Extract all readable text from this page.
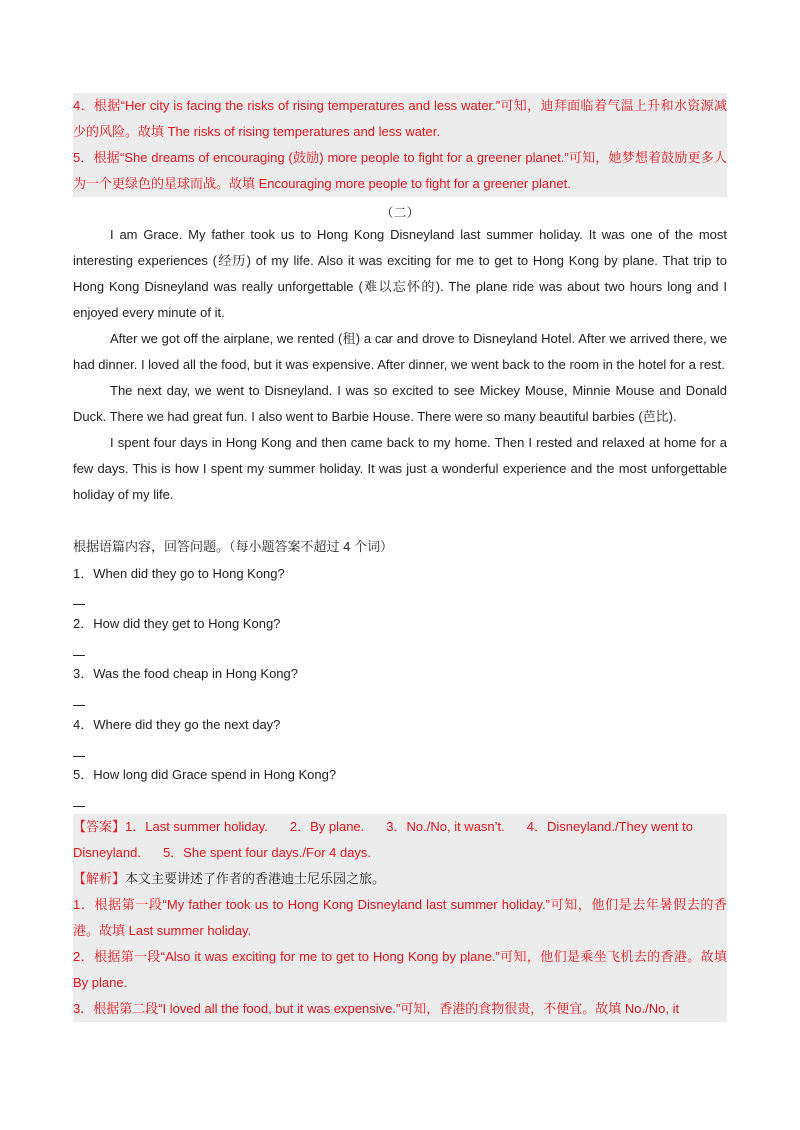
4．根据“Her city is facing the risks of rising temperatures and less water.”可知，迪拜面临着气温上升和水资源减少的风险。故填 The risks of rising temperatures and less water.

5．根据“She dreams of encouraging (鼓励) more people to fight for a greener planet.”可知，她梦想着鼓励更多人为一个更绿色的星球而战。故填 Encouraging more people to fight for a greener planet.

（二）

I am Grace. My father took us to Hong Kong Disneyland last summer holiday. It was one of the most interesting experiences (经历) of my life. Also it was exciting for me to get to Hong Kong by plane. That trip to Hong Kong Disneyland was really unforgettable (难以忘怀的). The plane ride was about two hours long and I enjoyed every minute of it.

After we got off the airplane, we rented (租) a car and drove to Disneyland Hotel. After we arrived there, we had dinner. I loved all the food, but it was expensive. After dinner, we went back to the room in the hotel for a rest.

The next day, we went to Disneyland. I was so excited to see Mickey Mouse, Minnie Mouse and Donald Duck. There we had great fun. I also went to Barbie House. There were so many beautiful barbies (芭比).

I spent four days in Hong Kong and then came back to my home. Then I rested and relaxed at home for a few days. This is how I spent my summer holiday. It was just a wonderful experience and the most unforgettable holiday of my life.

根据语篇内容，回答问题。（每小题答案不超过 4 个词）
1．When did they go to Hong Kong?
2．How did they get to Hong Kong?
3．Was the food cheap in Hong Kong?
4．Where did they go the next day?
5．How long did Grace spend in Hong Kong?

【答案】1．Last summer holiday. 2．By plane. 3．No./No, it wasn’t. 4．Disneyland./They went to

Disneyland. 5．She spent four days./For 4 days.

【解析】本文主要讲述了作者的香港迪士尼乐园之旅。

1．根据第一段“My father took us to Hong Kong Disneyland last summer holiday.”可知，他们是去年暑假去的香港。故填 Last summer holiday.

2．根据第一段“Also it was exciting for me to get to Hong Kong by plane.”可知，他们是乘坐飞机去的香港。故填 By plane.

3．根据第二段“I loved all the food, but it was expensive.”可知，香港的食物很贵，不便宜。故填 No./No, it
